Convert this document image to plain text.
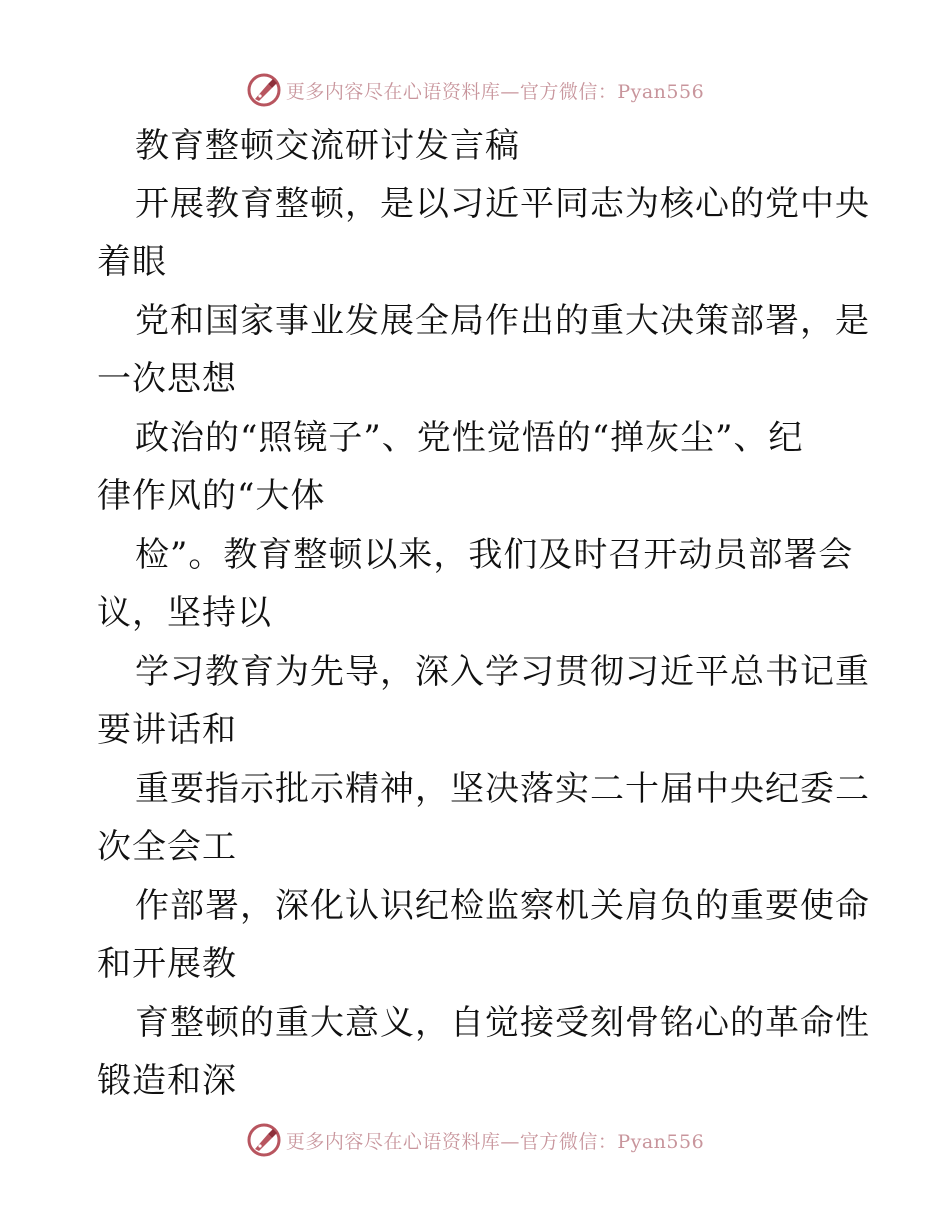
更多内容尽在心语资料库—官方微信：Pyan556
教育整顿交流研讨发言稿
开展教育整顿，是以习近平同志为核心的党中央
着眼
党和国家事业发展全局作出的重大决策部署，是
一次思想
政治的“照镜子”、党性觉悟的“掸灰尘”、纪
律作风的“大体
检”。教育整顿以来，我们及时召开动员部署会
议，坚持以
学习教育为先导，深入学习贯彻习近平总书记重
要讲话和
重要指示批示精神，坚决落实二十届中央纪委二
次全会工
作部署，深化认识纪检监察机关肩负的重要使命
和开展教
育整顿的重大意义，自觉接受刻骨铭心的革命性
锻造和深
更多内容尽在心语资料库—官方微信：Pyan556
